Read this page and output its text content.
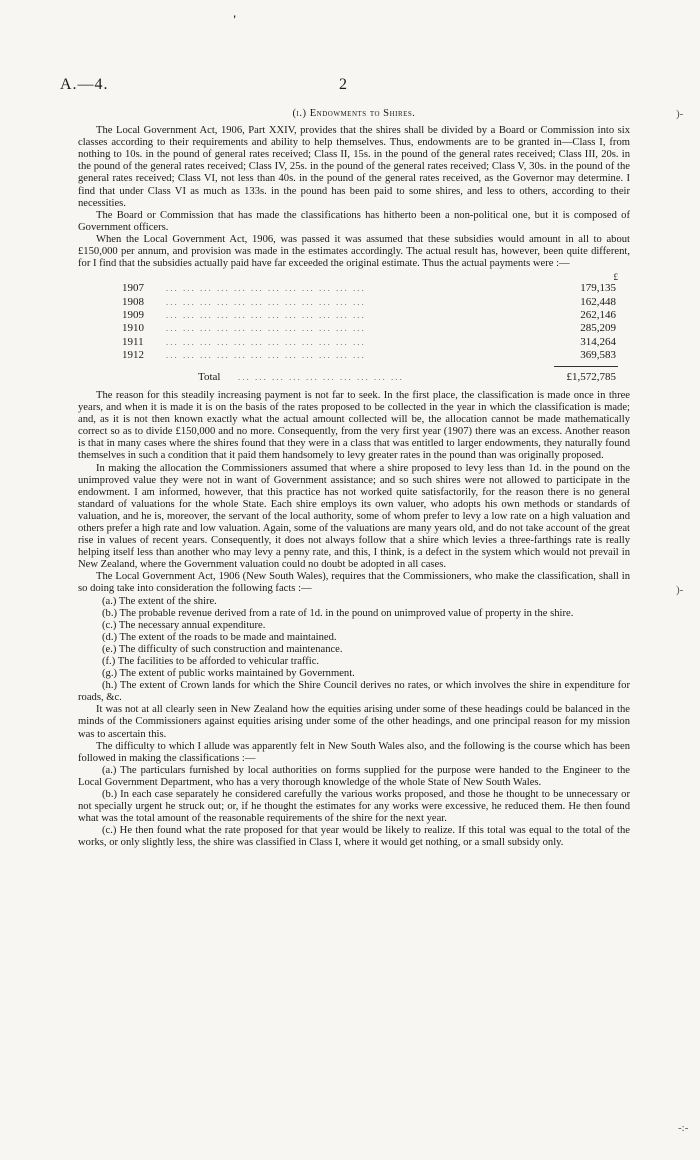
'
A.—4.	2
)-
)-
-:-
(i.) Endowments to Shires.

The Local Government Act, 1906, Part XXIV, provides that the shires shall be divided by a Board or Commission into six classes according to their requirements and ability to help themselves. Thus, endowments are to be granted in—Class I, from nothing to 10s. in the pound of general rates received; Class II, 15s. in the pound of the general rates received; Class III, 20s. in the pound of the general rates received; Class IV, 25s. in the pound of the general rates received; Class V, 30s. in the pound of the general rates received; Class VI, not less than 40s. in the pound of the general rates received, as the Governor may determine. I find that under Class VI as much as 133s. in the pound has been paid to some shires, and less to others, according to their necessities.

The Board or Commission that has made the classifications has hitherto been a non-political one, but it is composed of Government officers.

When the Local Government Act, 1906, was passed it was assumed that these subsidies would amount in all to about £150,000 per annum, and provision was made in the estimates accordingly. The actual result has, however, been quite different, for I find that the subsidies actually paid have far exceeded the original estimate. Thus the actual payments were :—

£
1907	... ... ... ... ... ... ... ... ... ... ... ...	179,135
1908	... ... ... ... ... ... ... ... ... ... ... ...	162,448
1909	... ... ... ... ... ... ... ... ... ... ... ...	262,146
1910	... ... ... ... ... ... ... ... ... ... ... ...	285,209
1911	... ... ... ... ... ... ... ... ... ... ... ...	314,264
1912	... ... ... ... ... ... ... ... ... ... ... ...	369,583
Total	... ... ... ... ... ... ... ... ... ...	£1,572,785

The reason for this steadily increasing payment is not far to seek. In the first place, the classification is made once in three years, and when it is made it is on the basis of the rates proposed to be collected in the year in which the classification is made; and, as it is not then known exactly what the actual amount collected will be, the allocation cannot be made mathematically correct so as to divide £150,000 and no more. Consequently, from the very first year (1907) there was an excess. Another reason is that in many cases where the shires found that they were in a class that was entitled to larger endowments, they naturally found themselves in such a condition that it paid them handsomely to levy greater rates in the pound than was originally proposed.

In making the allocation the Commissioners assumed that where a shire proposed to levy less than 1d. in the pound on the unimproved value they were not in want of Government assistance; and so such shires were not allowed to participate in the endowment. I am informed, however, that this practice has not worked quite satisfactorily, for the reason there is no general standard of valuations for the whole State. Each shire employs its own valuer, who adopts his own methods or standards of valuation, and he is, moreover, the servant of the local authority, some of whom prefer to levy a low rate on a high valuation and others prefer a high rate and low valuation. Again, some of the valuations are many years old, and do not take account of the great rise in values of recent years. Consequently, it does not always follow that a shire which levies a three-farthings rate is really helping itself less than another who may levy a penny rate, and this, I think, is a defect in the system which would not prevail in New Zealand, where the Government valuation could no doubt be adopted in all cases.

The Local Government Act, 1906 (New South Wales), requires that the Commissioners, who make the classification, shall in so doing take into consideration the following facts :—

(a.) The extent of the shire.

(b.) The probable revenue derived from a rate of 1d. in the pound on unimproved value of property in the shire.

(c.) The necessary annual expenditure.

(d.) The extent of the roads to be made and maintained.

(e.) The difficulty of such construction and maintenance.

(f.) The facilities to be afforded to vehicular traffic.

(g.) The extent of public works maintained by Government.

(h.) The extent of Crown lands for which the Shire Council derives no rates, or which involves the shire in expenditure for roads, &c.

It was not at all clearly seen in New Zealand how the equities arising under some of these headings could be balanced in the minds of the Commissioners against equities arising under some of the other headings, and one principal reason for my mission was to ascertain this.

The difficulty to which I allude was apparently felt in New South Wales also, and the following is the course which has been followed in making the classifications :—

(a.) The particulars furnished by local authorities on forms supplied for the purpose were handed to the Engineer to the Local Government Department, who has a very thorough knowledge of the whole State of New South Wales.

(b.) In each case separately he considered carefully the various works proposed, and those he thought to be unnecessary or not specially urgent he struck out; or, if he thought the estimates for any works were excessive, he reduced them. He then found what was the total amount of the reasonable requirements of the shire for the next year.

(c.) He then found what the rate proposed for that year would be likely to realize. If this total was equal to the total of the works, or only slightly less, the shire was classified in Class I, where it would get nothing, or a small subsidy only.
